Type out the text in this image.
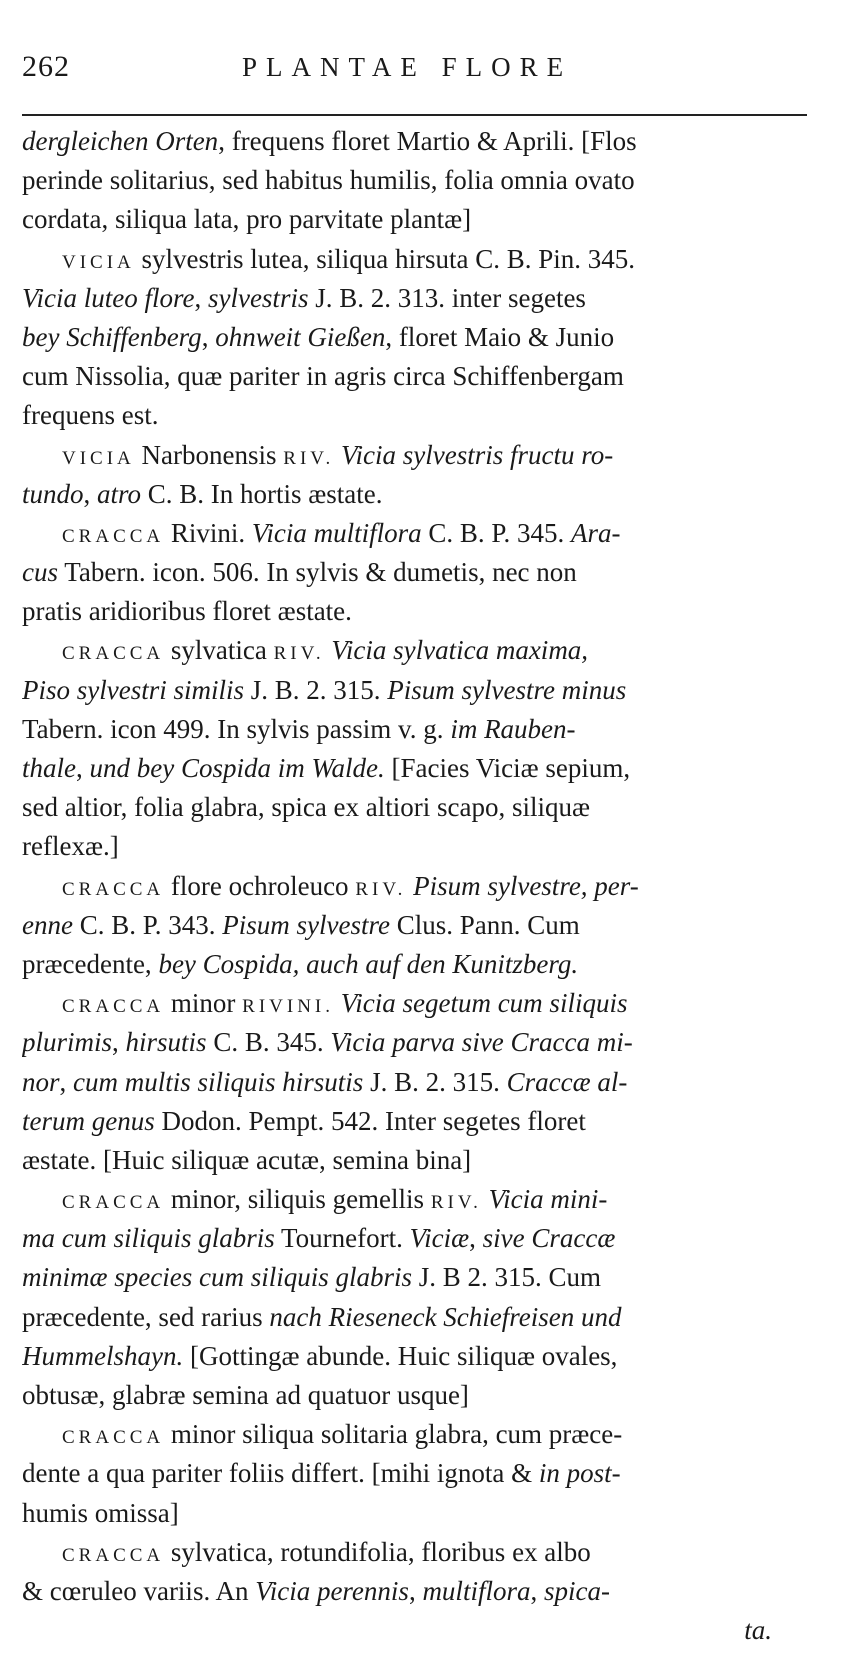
262	PLANTAE FLORE
dergleichen Orten, frequens floret Martio & Aprili. [Flos
perinde solitarius, sed habitus humilis, folia omnia ovato
cordata, siliqua lata, pro parvitate plantæ]
VICIA sylvestris lutea, siliqua hirsuta C. B. Pin. 345.
Vicia luteo flore, sylvestris J. B. 2. 313. inter segetes
bey Schiffenberg, ohnweit Gießen, floret Maio & Junio
cum Nissolia, quæ pariter in agris circa Schiffenbergam
frequens est.
VICIA Narbonensis RIV. Vicia sylvestris fructu ro-
tundo, atro C. B. In hortis æstate.
CRACCA Rivini. Vicia multiflora C. B. P. 345. Ara-
cus Tabern. icon. 506. In sylvis & dumetis, nec non
pratis aridioribus floret æstate.
CRACCA sylvatica RIV. Vicia sylvatica maxima,
Piso sylvestri similis J. B. 2. 315. Pisum sylvestre minus
Tabern. icon 499. In sylvis passim v. g. im Rauben-
thale, und bey Cospida im Walde. [Facies Viciæ sepium,
sed altior, folia glabra, spica ex altiori scapo, siliquæ
reflexæ.]
CRACCA flore ochroleuco RIV. Pisum sylvestre, per-
enne C. B. P. 343. Pisum sylvestre Clus. Pann. Cum
præcedente, bey Cospida, auch auf den Kunitzberg.
CRACCA minor RIVINI. Vicia segetum cum siliquis
plurimis, hirsutis C. B. 345. Vicia parva sive Cracca mi-
nor, cum multis siliquis hirsutis J. B. 2. 315. Craccæ al-
terum genus Dodon. Pempt. 542. Inter segetes floret
æstate. [Huic siliquæ acutæ, semina bina]
CRACCA minor, siliquis gemellis RIV. Vicia mini-
ma cum siliquis glabris Tournefort. Viciæ, sive Craccæ
minimæ species cum siliquis glabris J. B 2. 315. Cum
præcedente, sed rarius nach Rieseneck Schiefreisen und
Hummelshayn. [Gottingæ abunde. Huic siliquæ ovales,
obtusæ, glabræ semina ad quatuor usque]
CRACCA minor siliqua solitaria glabra, cum præce-
dente a qua pariter foliis differt. [mihi ignota & in post-
humis omissa]
CRACCA sylvatica, rotundifolia, floribus ex albo
& cœruleo variis. An Vicia perennis, multiflora, spica-
ta.
